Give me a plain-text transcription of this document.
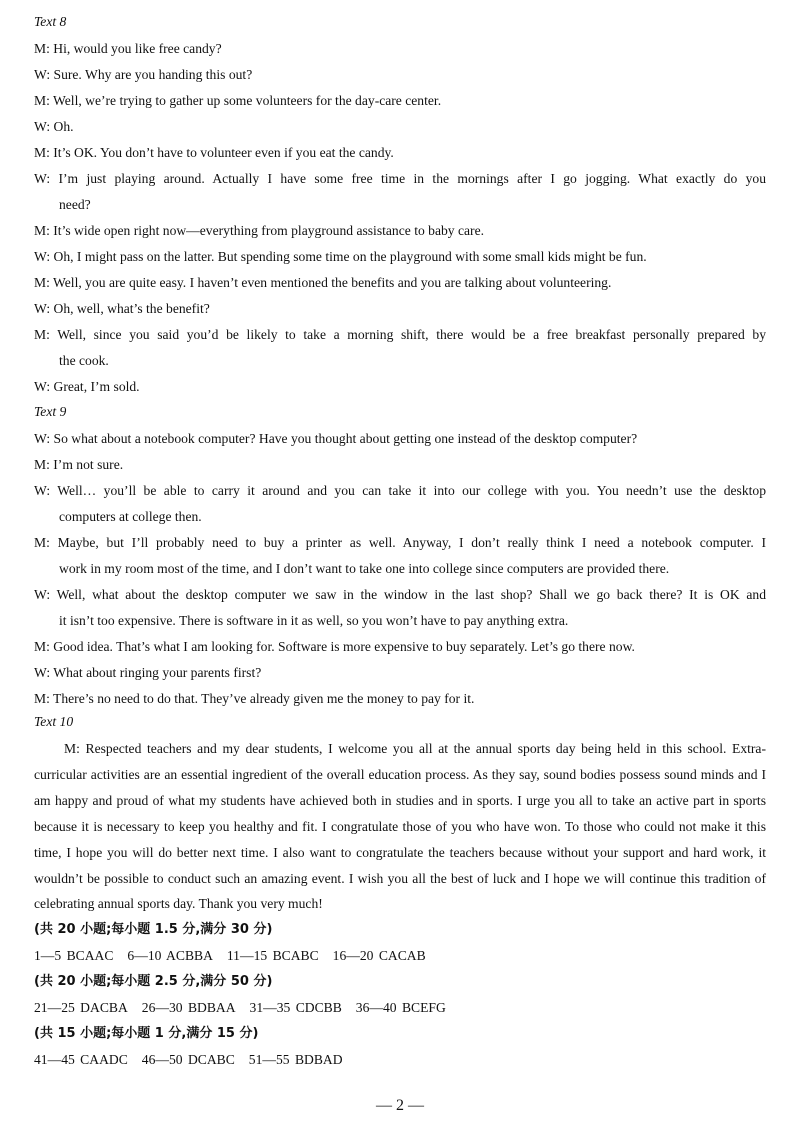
Text 8
M: Hi, would you like free candy?
W: Sure. Why are you handing this out?
M: Well, we’re trying to gather up some volunteers for the day-care center.
W: Oh.
M: It’s OK. You don’t have to volunteer even if you eat the candy.
W: I’m just playing around. Actually I have some free time in the mornings after I go jogging. What exactly do you
need?
M: It’s wide open right now—everything from playground assistance to baby care.
W: Oh, I might pass on the latter. But spending some time on the playground with some small kids might be fun.
M: Well, you are quite easy. I haven’t even mentioned the benefits and you are talking about volunteering.
W: Oh, well, what’s the benefit?
M: Well, since you said you’d be likely to take a morning shift, there would be a free breakfast personally prepared by
the cook.
W: Great, I’m sold.
Text 9
W: So what about a notebook computer? Have you thought about getting one instead of the desktop computer?
M: I’m not sure.
W: Well… you’ll be able to carry it around and you can take it into our college with you. You needn’t use the desktop
computers at college then.
M: Maybe, but I’ll probably need to buy a printer as well. Anyway, I don’t really think I need a notebook computer. I
work in my room most of the time, and I don’t want to take one into college since computers are provided there.
W: Well, what about the desktop computer we saw in the window in the last shop? Shall we go back there? It is OK and
it isn’t too expensive. There is software in it as well, so you won’t have to pay anything extra.
M: Good idea. That’s what I am looking for. Software is more expensive to buy separately. Let’s go there now.
W: What about ringing your parents first?
M: There’s no need to do that. They’ve already given me the money to pay for it.
Text 10
M: Respected teachers and my dear students, I welcome you all at the annual sports day being held in this school. Extra-curricular activities are an essential ingredient of the overall education process. As they say, sound bodies possess sound minds and I am happy and proud of what my students have achieved both in studies and in sports. I urge you all to take an active part in sports because it is necessary to keep you healthy and fit. I congratulate those of you who have won. To those who could not make it this time, I hope you will do better next time. I also want to congratulate the teachers because without your support and hard work, it wouldn’t be possible to conduct such an amazing event. I wish you all the best of luck and I hope we will continue this tradition of celebrating annual sports day. Thank you very much!
(共 20 小题;每小题 1.5 分,满分 30 分)
1—5 BCAAC 6—10 ACBBA 11—15 BCABC 16—20 CACAB
(共 20 小题;每小题 2.5 分,满分 50 分)
21—25 DACBA 26—30 BDBAA 31—35 CDCBB 36—40 BCEFG
(共 15 小题;每小题 1 分,满分 15 分)
41—45 CAADC 46—50 DCABC 51—55 BDBAD
— 2 —
